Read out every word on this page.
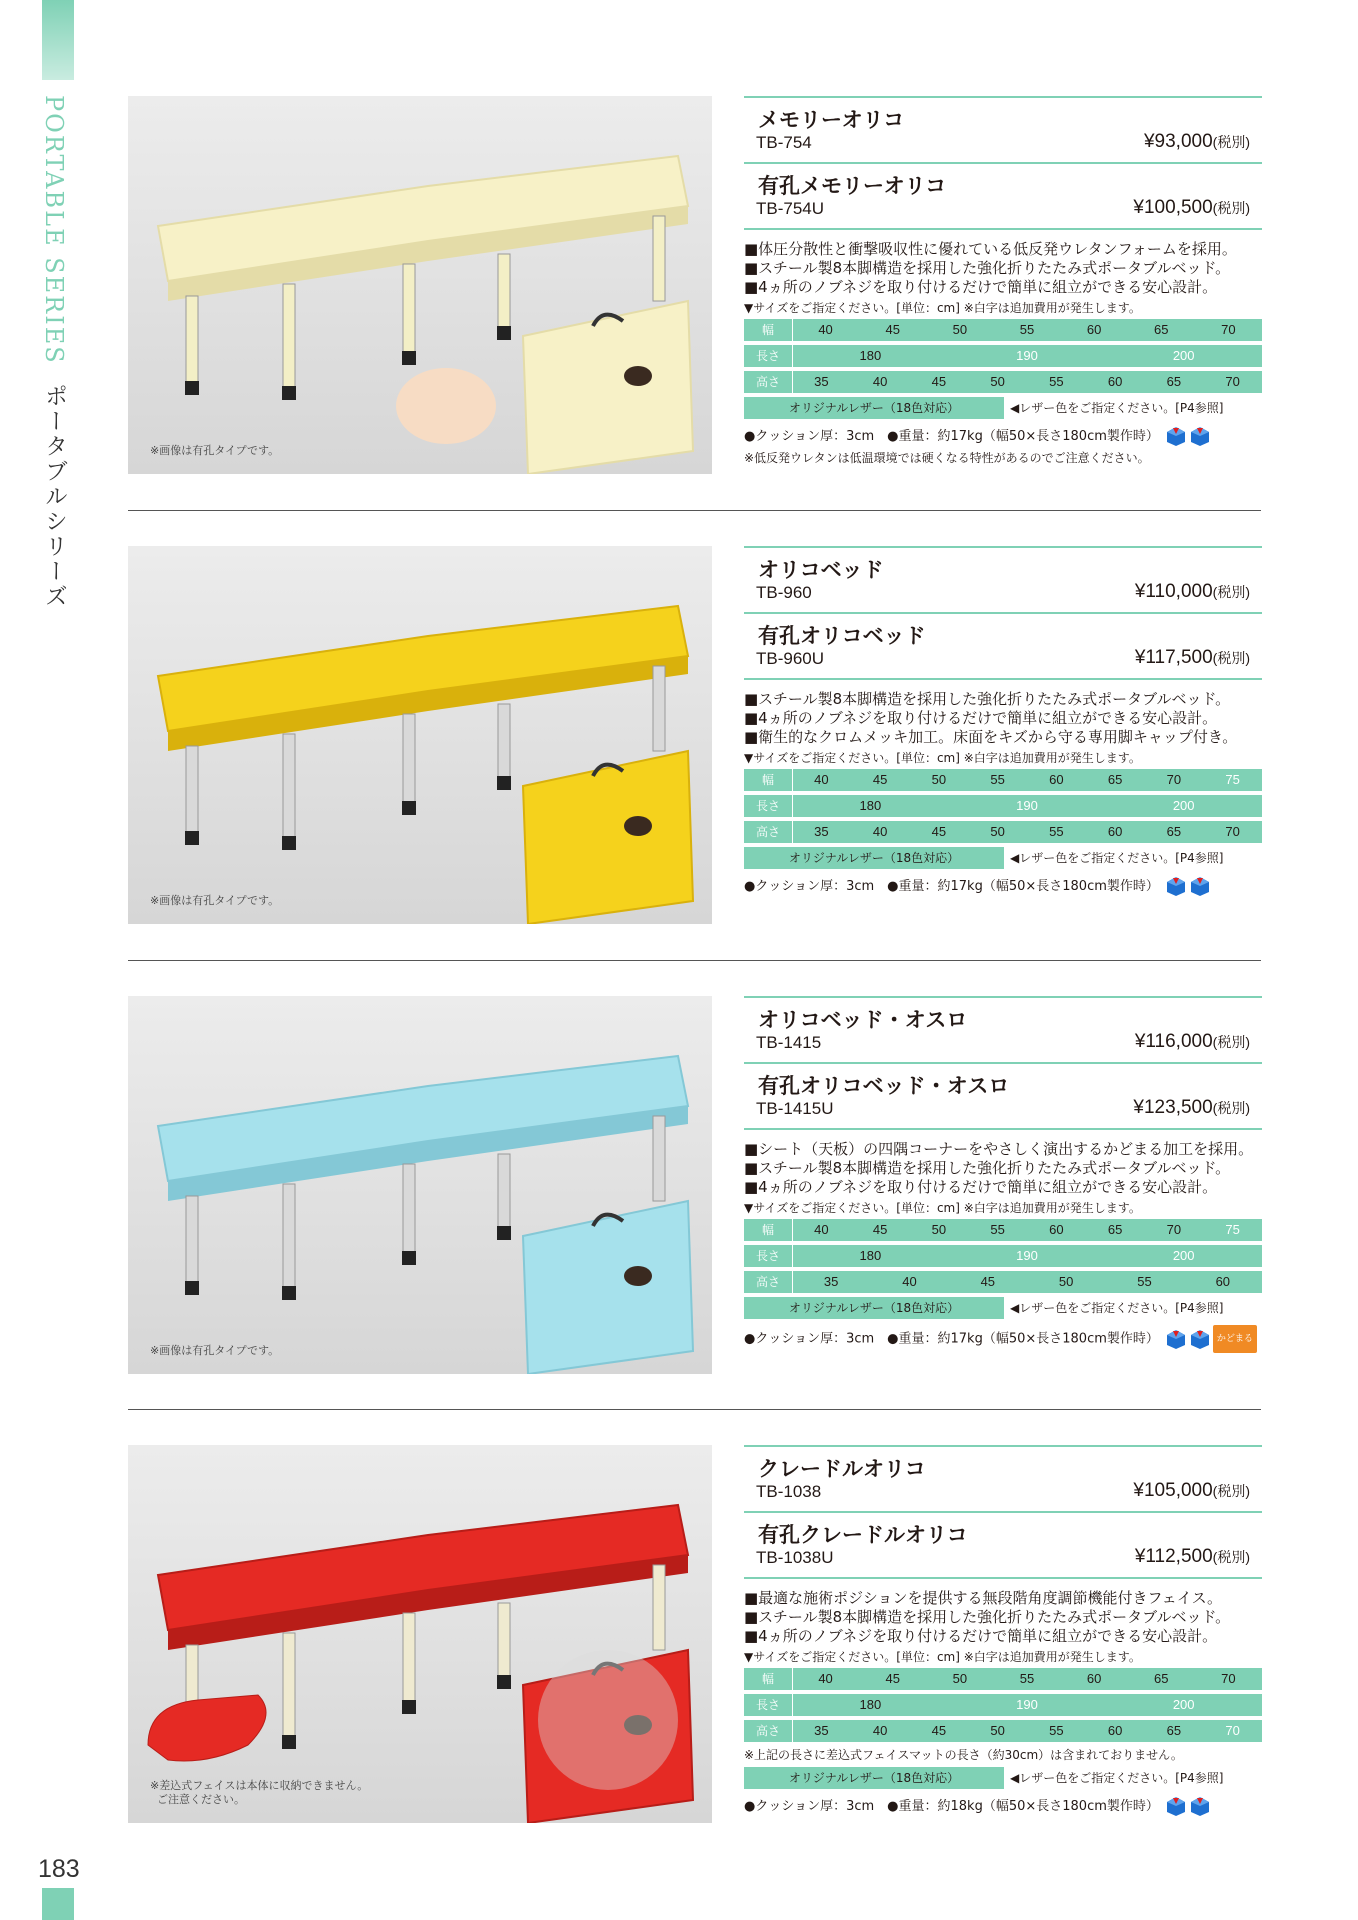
PORTABLE SERIES ポータブルシリーズ
183
※画像は有孔タイプです。
メモリーオリコ
TB-754	¥93,000(税別)
有孔メモリーオリコ
TB-754U	¥100,500(税別)
■体圧分散性と衝撃吸収性に優れている低反発ウレタンフォームを採用。
■スチール製8本脚構造を採用した強化折りたたみ式ポータブルベッド。
■4ヵ所のノブネジを取り付けるだけで簡単に組立ができる安心設計。
▼サイズをご指定ください。[単位：cm] ※白字は追加費用が発生します。
幅	40	45	50	55	60	65	70
長さ	180	190	200
高さ	35	40	45	50	55	60	65	70
オリジナルレザー（18色対応）	◀レザー色をご指定ください。[P4参照]
●クッション厚：3cm　●重量：約17kg（幅50×長さ180cm製作時）
※低反発ウレタンは低温環境では硬くなる特性があるのでご注意ください。
※画像は有孔タイプです。
オリコベッド
TB-960	¥110,000(税別)
有孔オリコベッド
TB-960U	¥117,500(税別)
■スチール製8本脚構造を採用した強化折りたたみ式ポータブルベッド。
■4ヵ所のノブネジを取り付けるだけで簡単に組立ができる安心設計。
■衛生的なクロムメッキ加工。床面をキズから守る専用脚キャップ付き。
▼サイズをご指定ください。[単位：cm] ※白字は追加費用が発生します。
幅	40	45	50	55	60	65	70	75
長さ	180	190	200
高さ	35	40	45	50	55	60	65	70
オリジナルレザー（18色対応）	◀レザー色をご指定ください。[P4参照]
●クッション厚：3cm　●重量：約17kg（幅50×長さ180cm製作時）
※画像は有孔タイプです。
オリコベッド・オスロ
TB-1415	¥116,000(税別)
有孔オリコベッド・オスロ
TB-1415U	¥123,500(税別)
■シート（天板）の四隅コーナーをやさしく演出するかどまる加工を採用。
■スチール製8本脚構造を採用した強化折りたたみ式ポータブルベッド。
■4ヵ所のノブネジを取り付けるだけで簡単に組立ができる安心設計。
▼サイズをご指定ください。[単位：cm] ※白字は追加費用が発生します。
幅	40	45	50	55	60	65	70	75
長さ	180	190	200
高さ	35	40	45	50	55	60
オリジナルレザー（18色対応）	◀レザー色をご指定ください。[P4参照]
●クッション厚：3cm　●重量：約17kg（幅50×長さ180cm製作時）	かどまる
※差込式フェイスは本体に収納できません。
ご注意ください。
クレードルオリコ
TB-1038	¥105,000(税別)
有孔クレードルオリコ
TB-1038U	¥112,500(税別)
■最適な施術ポジションを提供する無段階角度調節機能付きフェイス。
■スチール製8本脚構造を採用した強化折りたたみ式ポータブルベッド。
■4ヵ所のノブネジを取り付けるだけで簡単に組立ができる安心設計。
▼サイズをご指定ください。[単位：cm] ※白字は追加費用が発生します。
幅	40	45	50	55	60	65	70
長さ	180	190	200
高さ	35	40	45	50	55	60	65	70
※上記の長さに差込式フェイスマットの長さ（約30cm）は含まれておりません。
オリジナルレザー（18色対応）	◀レザー色をご指定ください。[P4参照]
●クッション厚：3cm　●重量：約18kg（幅50×長さ180cm製作時）
